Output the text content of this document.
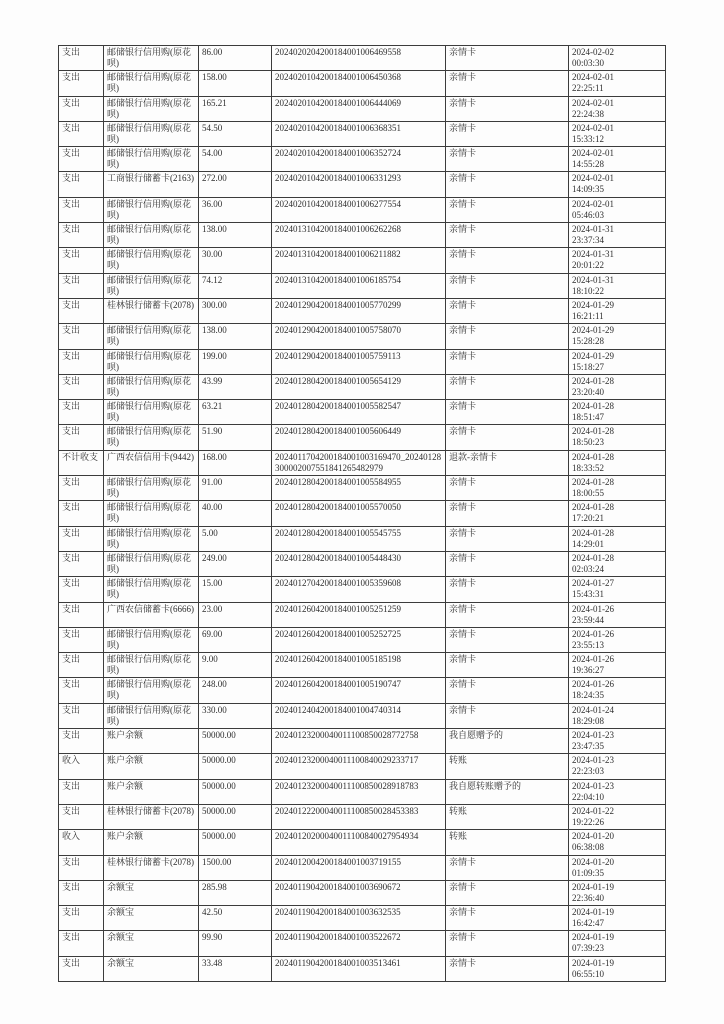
支出	邮储银行信用购(原花呗)	86.00	2024020204200184001006469558	亲情卡	2024-02-02
00:03:30
支出	邮储银行信用购(原花呗)	158.00	2024020104200184001006450368	亲情卡	2024-02-01
22:25:11
支出	邮储银行信用购(原花呗)	165.21	2024020104200184001006444069	亲情卡	2024-02-01
22:24:38
支出	邮储银行信用购(原花呗)	54.50	2024020104200184001006368351	亲情卡	2024-02-01
15:33:12
支出	邮储银行信用购(原花呗)	54.00	2024020104200184001006352724	亲情卡	2024-02-01
14:55:28
支出	工商银行储蓄卡(2163)	272.00	2024020104200184001006331293	亲情卡	2024-02-01
14:09:35
支出	邮储银行信用购(原花呗)	36.00	2024020104200184001006277554	亲情卡	2024-02-01
05:46:03
支出	邮储银行信用购(原花呗)	138.00	2024013104200184001006262268	亲情卡	2024-01-31
23:37:34
支出	邮储银行信用购(原花呗)	30.00	2024013104200184001006211882	亲情卡	2024-01-31
20:01:22
支出	邮储银行信用购(原花呗)	74.12	2024013104200184001006185754	亲情卡	2024-01-31
18:10:22
支出	桂林银行储蓄卡(2078)	300.00	2024012904200184001005770299	亲情卡	2024-01-29
16:21:11
支出	邮储银行信用购(原花呗)	138.00	2024012904200184001005758070	亲情卡	2024-01-29
15:28:28
支出	邮储银行信用购(原花呗)	199.00	2024012904200184001005759113	亲情卡	2024-01-29
15:18:27
支出	邮储银行信用购(原花呗)	43.99	2024012804200184001005654129	亲情卡	2024-01-28
23:20:40
支出	邮储银行信用购(原花呗)	63.21	2024012804200184001005582547	亲情卡	2024-01-28
18:51:47
支出	邮储银行信用购(原花呗)	51.90	2024012804200184001005606449	亲情卡	2024-01-28
18:50:23
不计收支	广西农信信用卡(9442)	168.00	2024011704200184001003169470_20240128300002007551841265482979	退款-亲情卡	2024-01-28
18:33:52
支出	邮储银行信用购(原花呗)	91.00	2024012804200184001005584955	亲情卡	2024-01-28
18:00:55
支出	邮储银行信用购(原花呗)	40.00	2024012804200184001005570050	亲情卡	2024-01-28
17:20:21
支出	邮储银行信用购(原花呗)	5.00	2024012804200184001005545755	亲情卡	2024-01-28
14:29:01
支出	邮储银行信用购(原花呗)	249.00	2024012804200184001005448430	亲情卡	2024-01-28
02:03:24
支出	邮储银行信用购(原花呗)	15.00	2024012704200184001005359608	亲情卡	2024-01-27
15:43:31
支出	广西农信储蓄卡(6666)	23.00	2024012604200184001005251259	亲情卡	2024-01-26
23:59:44
支出	邮储银行信用购(原花呗)	69.00	2024012604200184001005252725	亲情卡	2024-01-26
23:55:13
支出	邮储银行信用购(原花呗)	9.00	2024012604200184001005185198	亲情卡	2024-01-26
19:36:27
支出	邮储银行信用购(原花呗)	248.00	2024012604200184001005190747	亲情卡	2024-01-26
18:24:35
支出	邮储银行信用购(原花呗)	330.00	2024012404200184001004740314	亲情卡	2024-01-24
18:29:08
支出	账户余额	50000.00	20240123200040011100850028772758	我自愿赠予的	2024-01-23
23:47:35
收入	账户余额	50000.00	20240123200040011100840029233717	转账	2024-01-23
22:23:03
支出	账户余额	50000.00	20240123200040011100850028918783	我自愿转账赠予的	2024-01-23
22:04:10
支出	桂林银行储蓄卡(2078)	50000.00	20240122200040011100850028453383	转账	2024-01-22
19:22:26
收入	账户余额	50000.00	20240120200040011100840027954934	转账	2024-01-20
06:38:08
支出	桂林银行储蓄卡(2078)	1500.00	2024012004200184001003719155	亲情卡	2024-01-20
01:09:35
支出	余额宝	285.98	2024011904200184001003690672	亲情卡	2024-01-19
22:36:40
支出	余额宝	42.50	2024011904200184001003632535	亲情卡	2024-01-19
16:42:47
支出	余额宝	99.90	2024011904200184001003522672	亲情卡	2024-01-19
07:39:23
支出	余额宝	33.48	2024011904200184001003513461	亲情卡	2024-01-19
06:55:10
